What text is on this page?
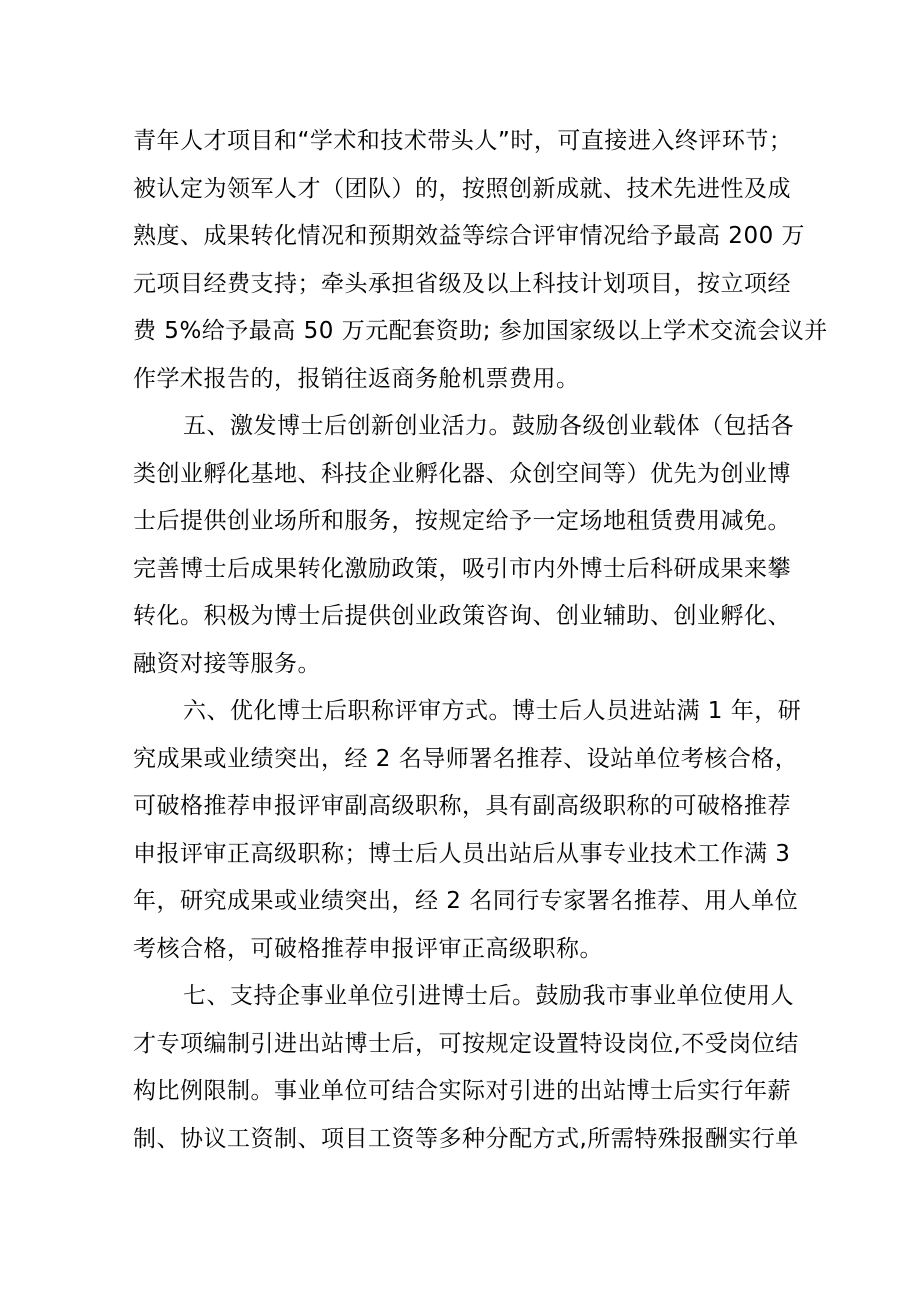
青年人才项目和“学术和技术带头人”时，可直接进入终评环节；
被认定为领军人才（团队）的，按照创新成就、技术先进性及成
熟度、成果转化情况和预期效益等综合评审情况给予最高 200 万
元项目经费支持；牵头承担省级及以上科技计划项目，按立项经
费 5%给予最高 50 万元配套资助; 参加国家级以上学术交流会议并
作学术报告的，报销往返商务舱机票费用。
五、激发博士后创新创业活力。鼓励各级创业载体（包括各
类创业孵化基地、科技企业孵化器、众创空间等）优先为创业博
士后提供创业场所和服务，按规定给予一定场地租赁费用减免。
完善博士后成果转化激励政策，吸引市内外博士后科研成果来攀
转化。积极为博士后提供创业政策咨询、创业辅助、创业孵化、
融资对接等服务。
六、优化博士后职称评审方式。博士后人员进站满 1 年，研
究成果或业绩突出，经 2 名导师署名推荐、设站单位考核合格，
可破格推荐申报评审副高级职称，具有副高级职称的可破格推荐
申报评审正高级职称；博士后人员出站后从事专业技术工作满 3
年，研究成果或业绩突出，经 2 名同行专家署名推荐、用人单位
考核合格，可破格推荐申报评审正高级职称。
七、支持企事业单位引进博士后。鼓励我市事业单位使用人
才专项编制引进出站博士后，可按规定设置特设岗位,不受岗位结
构比例限制。事业单位可结合实际对引进的出站博士后实行年薪
制、协议工资制、项目工资等多种分配方式,所需特殊报酬实行单
